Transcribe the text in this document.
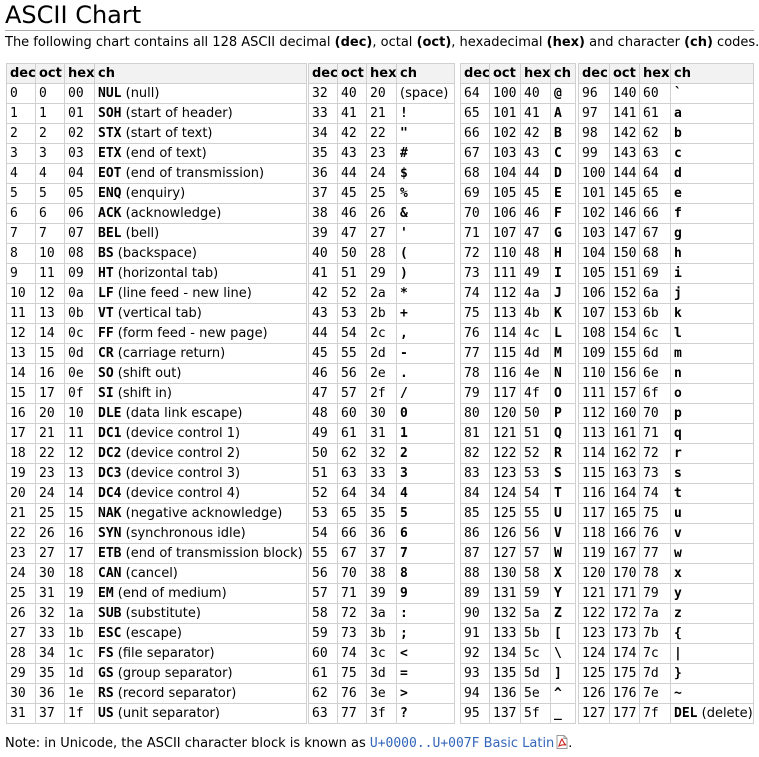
ASCII Chart
The following chart contains all 128 ASCII decimal (dec), octal (oct), hexadecimal (hex) and character (ch) codes.
dec	oct	hex	ch
0	0	00	NUL (null)
1	1	01	SOH (start of header)
2	2	02	STX (start of text)
3	3	03	ETX (end of text)
4	4	04	EOT (end of transmission)
5	5	05	ENQ (enquiry)
6	6	06	ACK (acknowledge)
7	7	07	BEL (bell)
8	10	08	BS (backspace)
9	11	09	HT (horizontal tab)
10	12	0a	LF (line feed - new line)
11	13	0b	VT (vertical tab)
12	14	0c	FF (form feed - new page)
13	15	0d	CR (carriage return)
14	16	0e	SO (shift out)
15	17	0f	SI (shift in)
16	20	10	DLE (data link escape)
17	21	11	DC1 (device control 1)
18	22	12	DC2 (device control 2)
19	23	13	DC3 (device control 3)
20	24	14	DC4 (device control 4)
21	25	15	NAK (negative acknowledge)
22	26	16	SYN (synchronous idle)
23	27	17	ETB (end of transmission block)
24	30	18	CAN (cancel)
25	31	19	EM (end of medium)
26	32	1a	SUB (substitute)
27	33	1b	ESC (escape)
28	34	1c	FS (file separator)
29	35	1d	GS (group separator)
30	36	1e	RS (record separator)
31	37	1f	US (unit separator)
dec	oct	hex	ch
32	40	20	(space)
33	41	21	!
34	42	22	"
35	43	23	#
36	44	24	$
37	45	25	%
38	46	26	&
39	47	27	'
40	50	28	(
41	51	29	)
42	52	2a	*
43	53	2b	+
44	54	2c	,
45	55	2d	-
46	56	2e	.
47	57	2f	/
48	60	30	0
49	61	31	1
50	62	32	2
51	63	33	3
52	64	34	4
53	65	35	5
54	66	36	6
55	67	37	7
56	70	38	8
57	71	39	9
58	72	3a	:
59	73	3b	;
60	74	3c	<
61	75	3d	=
62	76	3e	>
63	77	3f	?
dec	oct	hex	ch
64	100	40	@
65	101	41	A
66	102	42	B
67	103	43	C
68	104	44	D
69	105	45	E
70	106	46	F
71	107	47	G
72	110	48	H
73	111	49	I
74	112	4a	J
75	113	4b	K
76	114	4c	L
77	115	4d	M
78	116	4e	N
79	117	4f	O
80	120	50	P
81	121	51	Q
82	122	52	R
83	123	53	S
84	124	54	T
85	125	55	U
86	126	56	V
87	127	57	W
88	130	58	X
89	131	59	Y
90	132	5a	Z
91	133	5b	[
92	134	5c	\
93	135	5d	]
94	136	5e	^
95	137	5f	_
dec	oct	hex	ch
96	140	60	`
97	141	61	a
98	142	62	b
99	143	63	c
100	144	64	d
101	145	65	e
102	146	66	f
103	147	67	g
104	150	68	h
105	151	69	i
106	152	6a	j
107	153	6b	k
108	154	6c	l
109	155	6d	m
110	156	6e	n
111	157	6f	o
112	160	70	p
113	161	71	q
114	162	72	r
115	163	73	s
116	164	74	t
117	165	75	u
118	166	76	v
119	167	77	w
120	170	78	x
121	171	79	y
122	172	7a	z
123	173	7b	{
124	174	7c	|
125	175	7d	}
126	176	7e	~
127	177	7f	DEL (delete)
Note: in Unicode, the ASCII character block is known as U+0000..U+007F Basic Latin .
